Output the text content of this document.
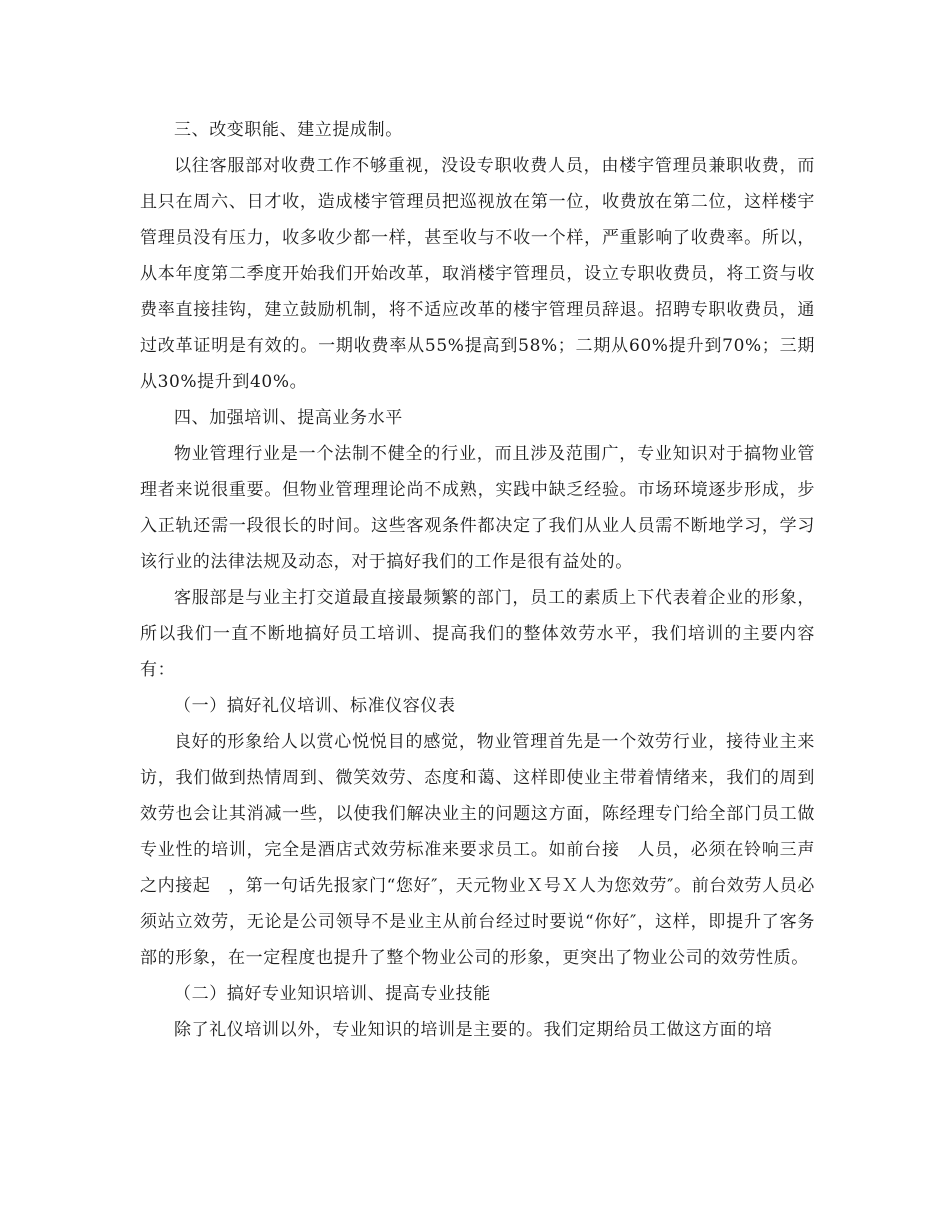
三、改变职能、建立提成制。

以往客服部对收费工作不够重视，没设专职收费人员，由楼宇管理员兼职收费，而且只在周六、日才收，造成楼宇管理员把巡视放在第一位，收费放在第二位，这样楼宇管理员没有压力，收多收少都一样，甚至收与不收一个样，严重影响了收费率。所以，从本年度第二季度开始我们开始改革，取消楼宇管理员，设立专职收费员，将工资与收费率直接挂钩，建立鼓励机制，将不适应改革的楼宇管理员辞退。招聘专职收费员，通过改革证明是有效的。一期收费率从55%提高到58%；二期从60%提升到70%；三期从30%提升到40%。

四、加强培训、提高业务水平

物业管理行业是一个法制不健全的行业，而且涉及范围广，专业知识对于搞物业管理者来说很重要。但物业管理理论尚不成熟，实践中缺乏经验。市场环境逐步形成，步入正轨还需一段很长的时间。这些客观条件都决定了我们从业人员需不断地学习，学习该行业的法律法规及动态，对于搞好我们的工作是很有益处的。

客服部是与业主打交道最直接最频繁的部门，员工的素质上下代表着企业的形象，所以我们一直不断地搞好员工培训、提高我们的整体效劳水平，我们培训的主要内容有：

（一）搞好礼仪培训、标准仪容仪表

良好的形象给人以赏心悦悦目的感觉，物业管理首先是一个效劳行业，接待业主来访，我们做到热情周到、微笑效劳、态度和蔼、这样即使业主带着情绪来，我们的周到效劳也会让其消减一些，以使我们解决业主的问题这方面，陈经理专门给全部门员工做专业性的培训，完全是酒店式效劳标准来要求员工。如前台接　人员，必须在铃响三声之内接起　，第一句话先报家门“您好″，天元物业Ｘ号Ｘ人为您效劳″。前台效劳人员必须站立效劳，无论是公司领导不是业主从前台经过时要说“你好″，这样，即提升了客务部的形象，在一定程度也提升了整个物业公司的形象，更突出了物业公司的效劳性质。

（二）搞好专业知识培训、提高专业技能

除了礼仪培训以外，专业知识的培训是主要的。我们定期给员工做这方面的培
